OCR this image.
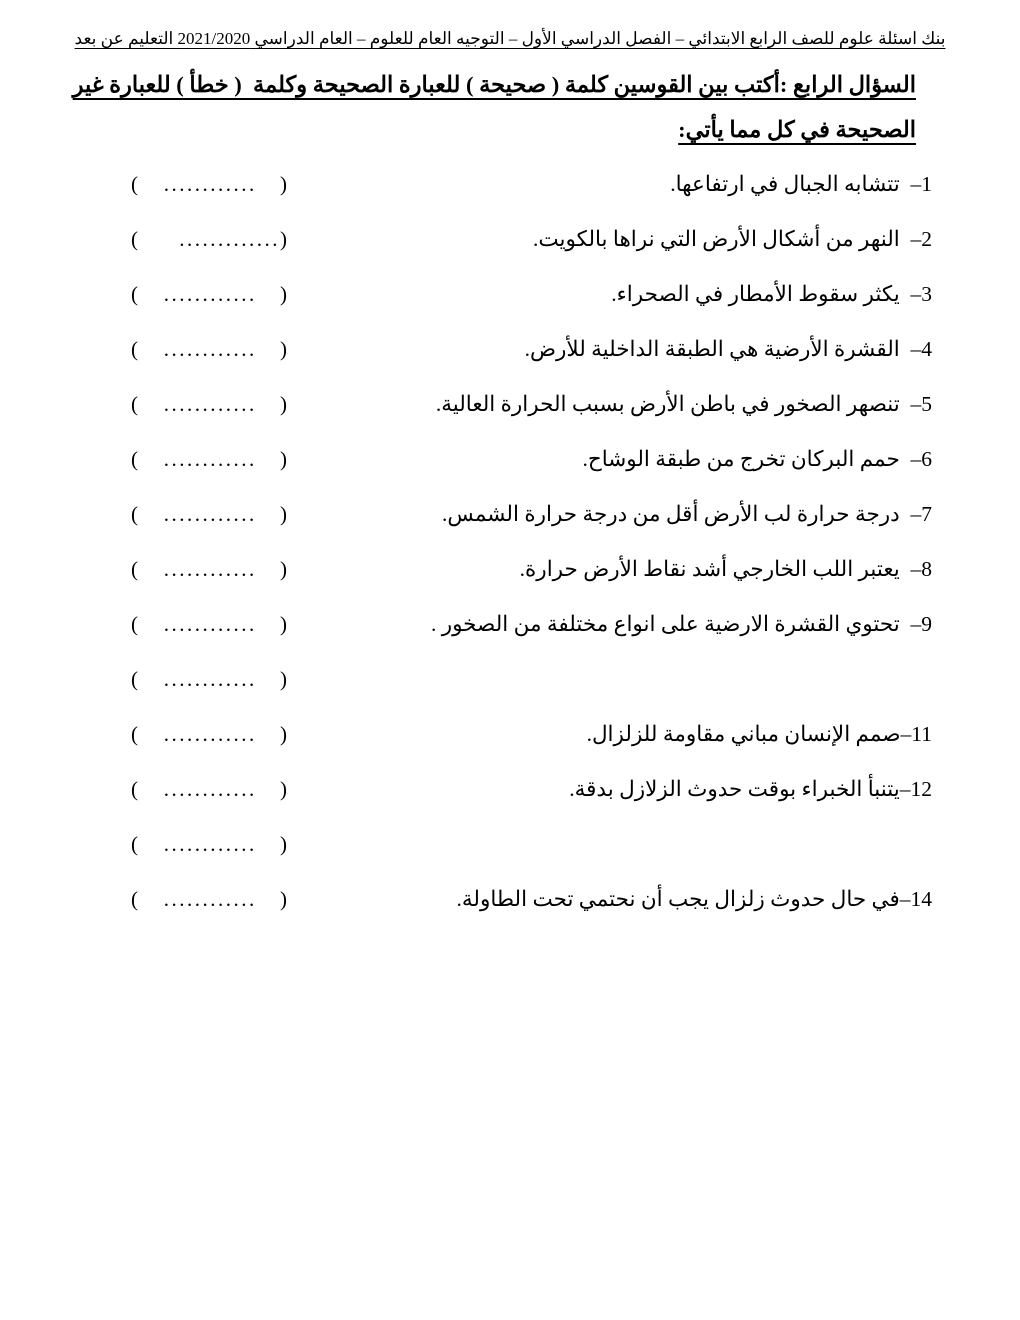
بنك اسئلة علوم للصف الرابع الابتدائي – الفصل الدراسي الأول – التوجيه العام للعلوم – العام الدراسي 2021/2020 التعليم عن بعد
السؤال الرابع :أكتب بين القوسين كلمة ( صحيحة ) للعبارة الصحيحة وكلمة  ( خطأ ) للعبارة غير
الصحيحة في كل مما يأتي:
(   ............   )	1–  تتشابه الجبال في ارتفاعها.
(     .............)	2–  النهر من أشكال الأرض التي نراها بالكويت.
(   ............   )	3–  يكثر سقوط الأمطار في الصحراء.
(   ............   )	4–  القشرة الأرضية هي الطبقة الداخلية للأرض.
(   ............   )	5–  تنصهر الصخور في باطن الأرض بسبب الحرارة العالية.
(   ............   )	6–  حمم البركان تخرج من طبقة الوشاح.
(   ............   )	7–  درجة حرارة لب الأرض أقل من درجة حرارة الشمس.
(   ............   )	8–  يعتبر اللب الخارجي أشد نقاط الأرض حرارة.
(   ............   )	9–  تحتوي القشرة الارضية على انواع مختلفة من الصخور .
(   ............   )
(   ............   )	11–صمم الإنسان مباني مقاومة للزلزال.
(   ............   )	12–يتنبأ الخبراء بوقت حدوث الزلازل بدقة.
(   ............   )
(   ............   )	14–في حال حدوث زلزال يجب أن نحتمي تحت الطاولة.
